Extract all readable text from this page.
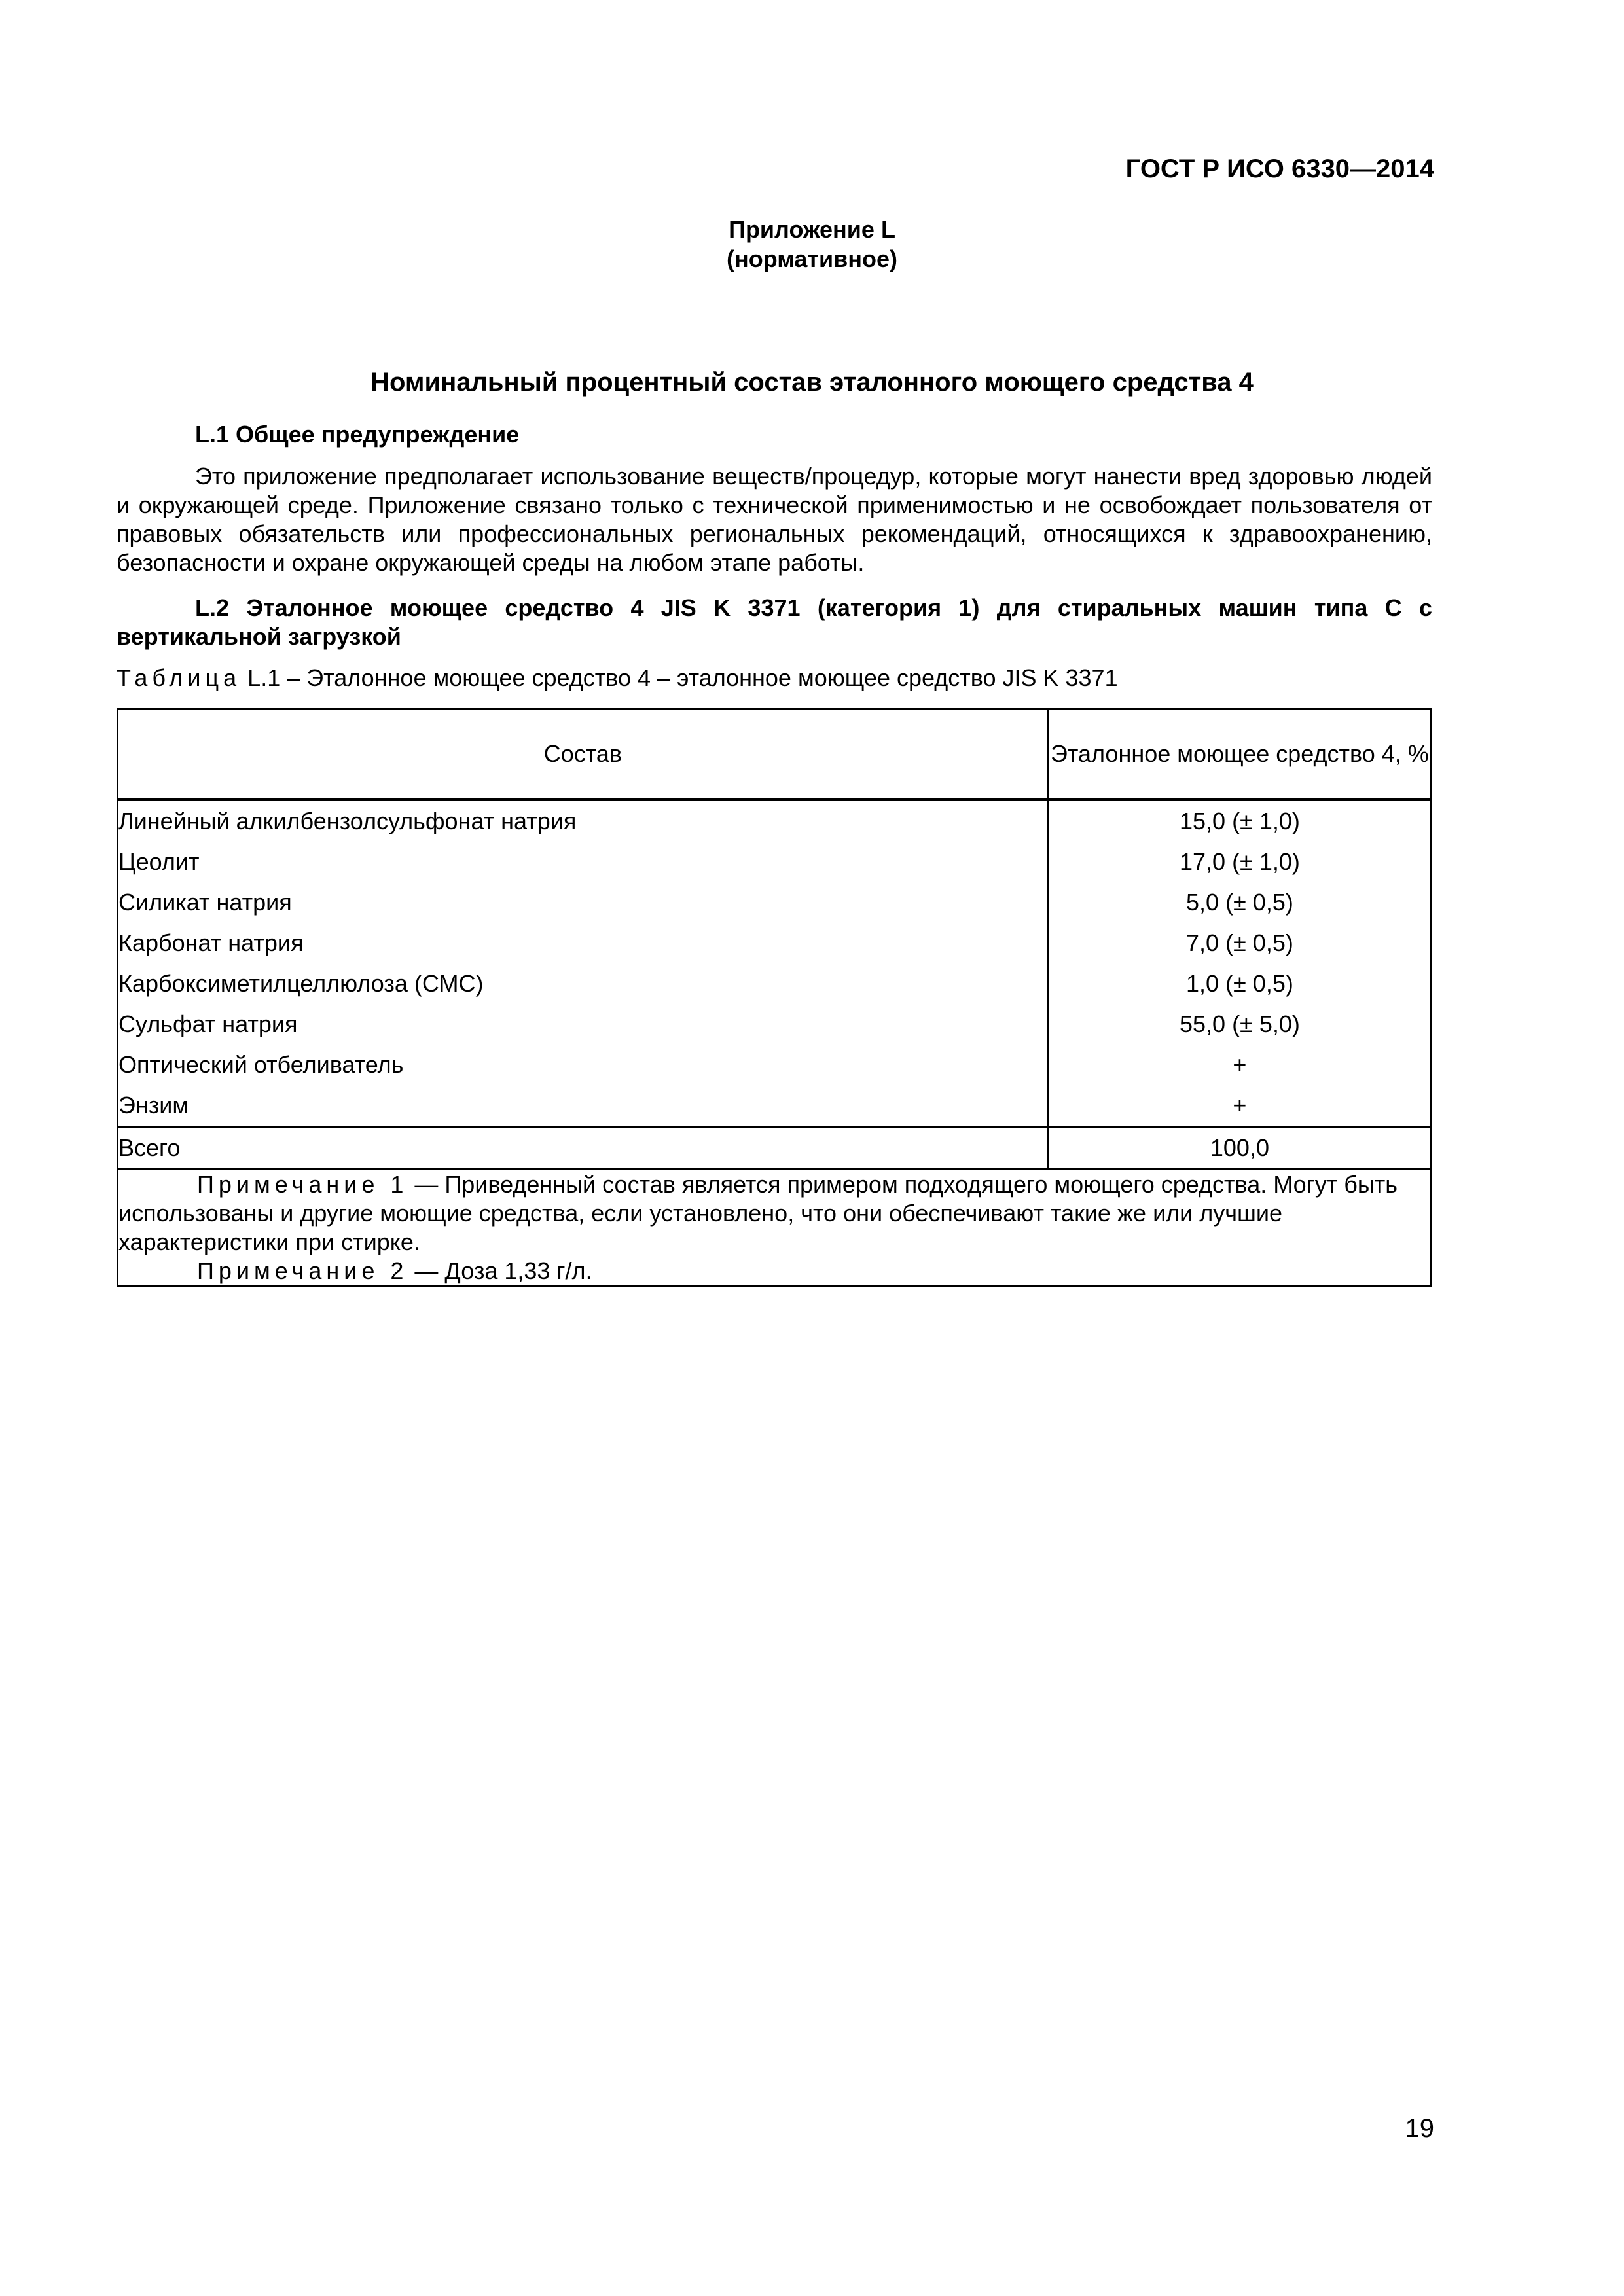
ГОСТ Р ИСО 6330—2014
Приложение L
(нормативное)
Номинальный процентный состав эталонного моющего средства 4
L.1 Общее предупреждение
Это приложение предполагает использование веществ/процедур, которые могут нанести вред здоровью людей и окружающей среде. Приложение связано только с технической применимостью и не освобождает пользователя от правовых обязательств или профессиональных региональных рекомендаций, относящихся к здравоохранению, безопасности и охране окружающей среды на любом этапе работы.
L.2 Эталонное моющее средство 4 JIS K 3371 (категория 1) для стиральных машин типа С с вертикальной загрузкой
Таблица L.1 – Эталонное моющее средство 4 – эталонное моющее средство JIS K 3371
Состав	Эталонное моющее средство 4, %
Линейный алкилбензолсульфонат натрия	15,0 (± 1,0)
Цеолит	17,0 (± 1,0)
Силикат натрия	5,0 (± 0,5)
Карбонат натрия	7,0 (± 0,5)
Карбоксиметилцеллюлоза (СМС)	1,0 (± 0,5)
Сульфат натрия	55,0 (± 5,0)
Оптический отбеливатель	+
Энзим	+
Всего	100,0

Примечание 1 — Приведенный состав является примером подходящего моющего средства. Могут быть использованы и другие моющие средства, если установлено, что они обеспечивают такие же или лучшие характеристики при стирке.
Примечание 2 — Доза 1,33 г/л.	
19
